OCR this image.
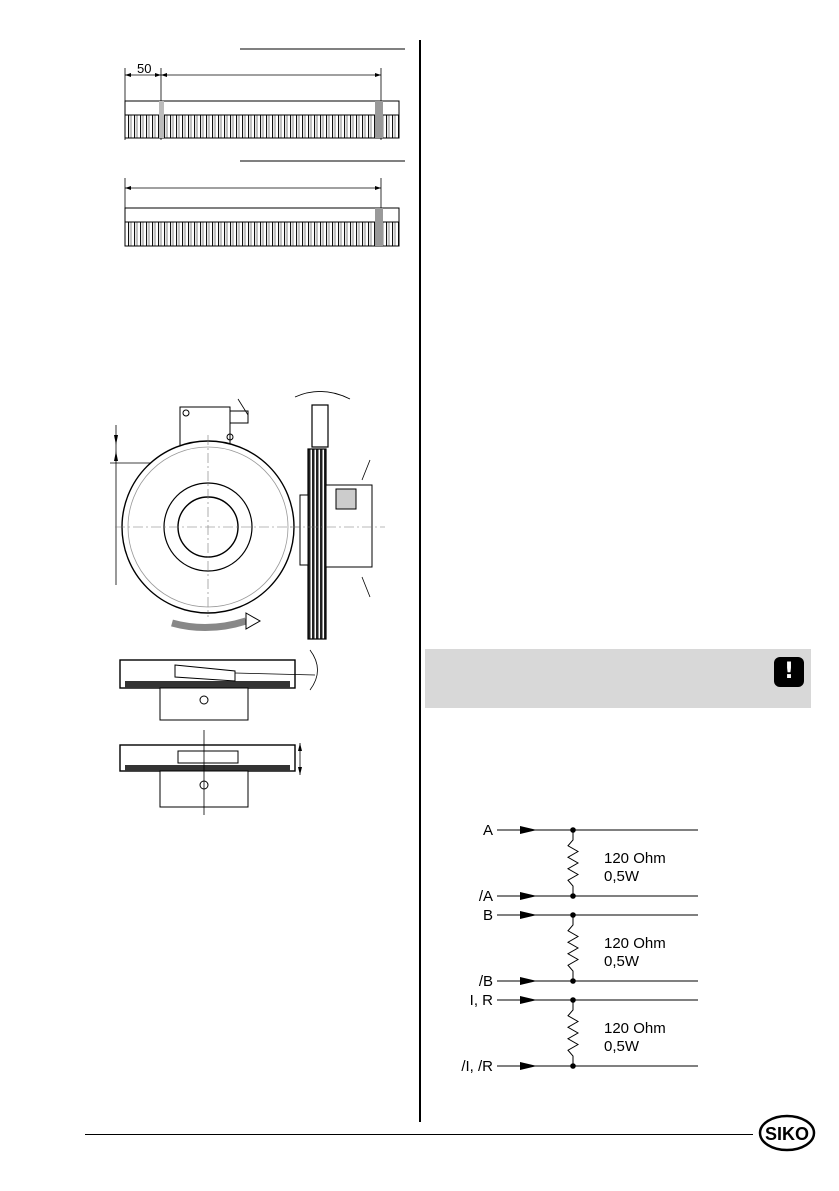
50
!
A
/A
120 Ohm
0,5W
B
/B
120 Ohm
0,5W
I, R
/I, /R
120 Ohm
0,5W
SIKO
